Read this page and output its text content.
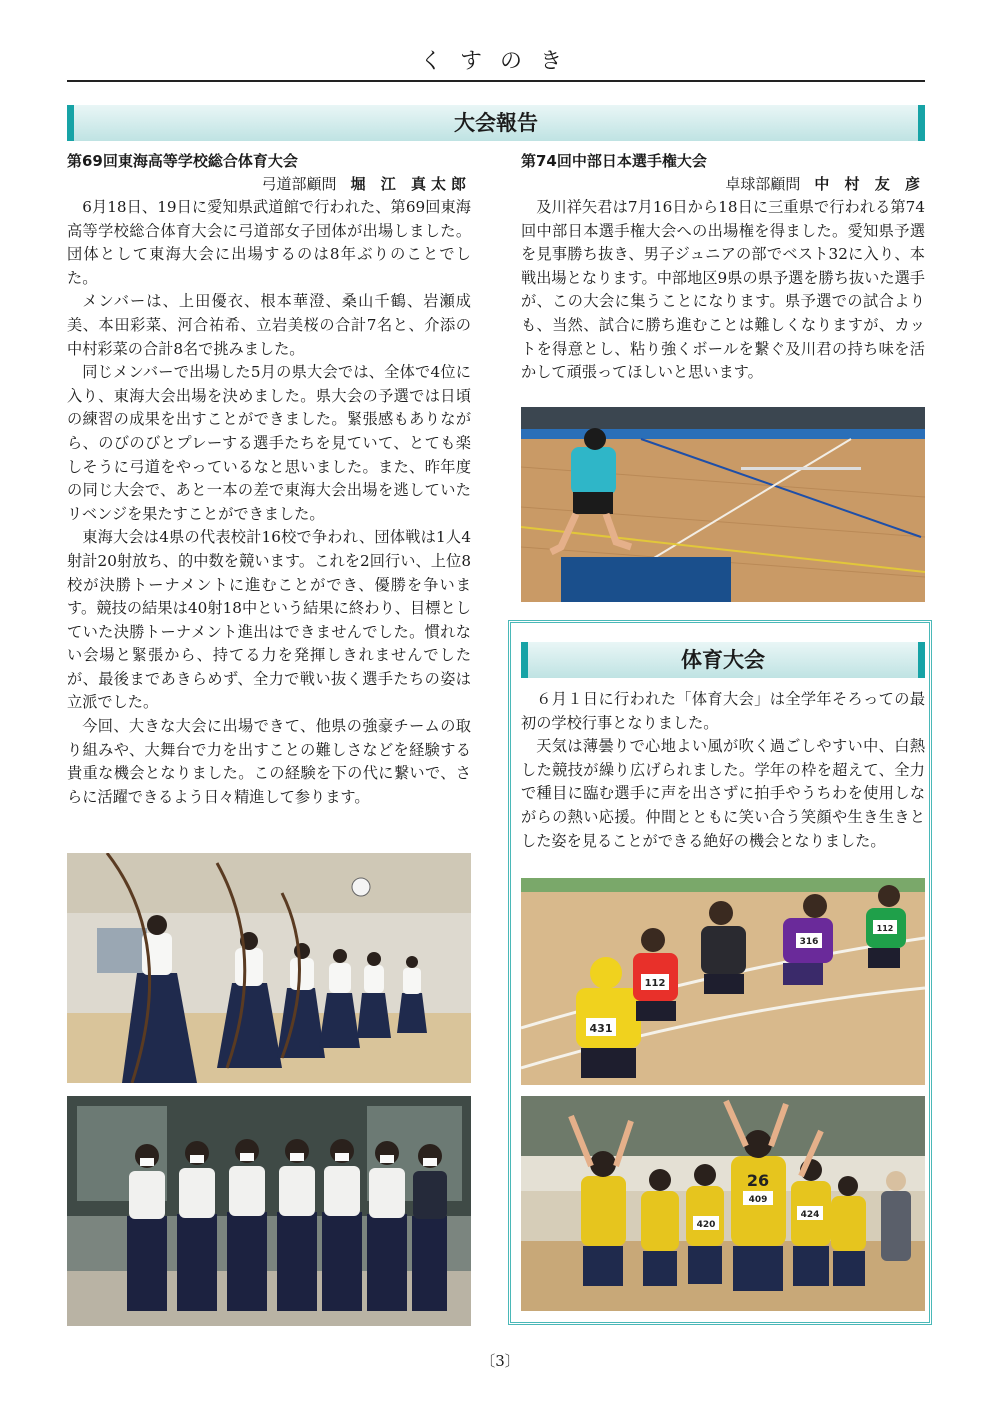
くすのき
大会報告
第69回東海高等学校総合体育大会
弓道部顧問 堀 江 真太郎

6月18日、19日に愛知県武道館で行われた、第69回東海高等学校総合体育大会に弓道部女子団体が出場しました。団体として東海大会に出場するのは8年ぶりのことでした。

メンバーは、上田優衣、根本華澄、桑山千鶴、岩瀬成美、本田彩菜、河合祐希、立岩美桜の合計7名と、介添の中村彩菜の合計8名で挑みました。

同じメンバーで出場した5月の県大会では、全体で4位に入り、東海大会出場を決めました。県大会の予選では日頃の練習の成果を出すことができました。緊張感もありながら、のびのびとプレーする選手たちを見ていて、とても楽しそうに弓道をやっているなと思いました。また、昨年度の同じ大会で、あと一本の差で東海大会出場を逃していたリベンジを果たすことができました。

東海大会は4県の代表校計16校で争われ、団体戦は1人4射計20射放ち、的中数を競います。これを2回行い、上位8校が決勝トーナメントに進むことができ、優勝を争います。競技の結果は40射18中という結果に終わり、目標としていた決勝トーナメント進出はできませんでした。慣れない会場と緊張から、持てる力を発揮しきれませんでしたが、最後まであきらめず、全力で戦い抜く選手たちの姿は立派でした。

今回、大きな大会に出場できて、他県の強豪チームの取り組みや、大舞台で力を出すことの難しさなどを経験する貴重な機会となりました。この経験を下の代に繋いで、さらに活躍できるよう日々精進して参ります。

第74回中部日本選手権大会
卓球部顧問 中 村 友 彦

及川祥矢君は7月16日から18日に三重県で行われる第74回中部日本選手権大会への出場権を得ました。愛知県予選を見事勝ち抜き、男子ジュニアの部でベスト32に入り、本戦出場となります。中部地区9県の県予選を勝ち抜いた選手が、この大会に集うことになります。県予選での試合よりも、当然、試合に勝ち進むことは難しくなりますが、カットを得意とし、粘り強くボールを繋ぐ及川君の持ち味を活かして頑張ってほしいと思います。

体育大会

６月１日に行われた「体育大会」は全学年そろっての最初の学校行事となりました。

天気は薄曇りで心地よい風が吹く過ごしやすい中、白熱した競技が繰り広げられました。学年の枠を超えて、全力で種目に臨む選手に声を出さずに拍手やうちわを使用しながらの熱い応援。仲間とともに笑い合う笑顔や生き生きとした姿を見ることができる絶好の機会となりました。

431
112
316
112
26
409
420
424
〔3〕
